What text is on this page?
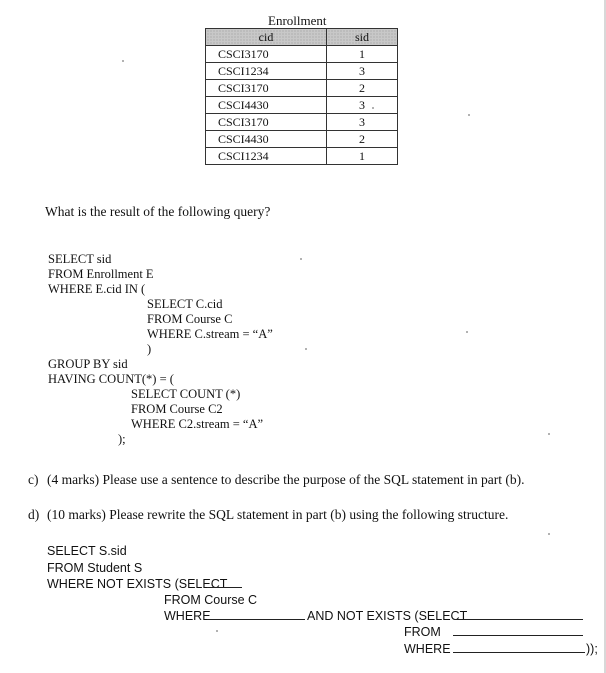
Enrollment
cid	sid
CSCI3170	1
CSCI1234	3
CSCI3170	2
CSCI4430	3
CSCI3170	3
CSCI4430	2
CSCI1234	1
What is the result of the following query?
SELECT sid
FROM Enrollment E
WHERE E.cid IN (
SELECT C.cid
FROM Course C
WHERE C.stream = “A”
)
GROUP BY sid
HAVING COUNT(*) = (
SELECT COUNT (*)
FROM Course C2
WHERE C2.stream = “A”
);
c) (4 marks) Please use a sentence to describe the purpose of the SQL statement in part (b).
d) (10 marks) Please rewrite the SQL statement in part (b) using the following structure.
SELECT S.sid
FROM Student S
WHERE NOT EXISTS (SELECT
FROM Course C
WHERE	AND NOT EXISTS (SELECT
FROM
WHERE	));
